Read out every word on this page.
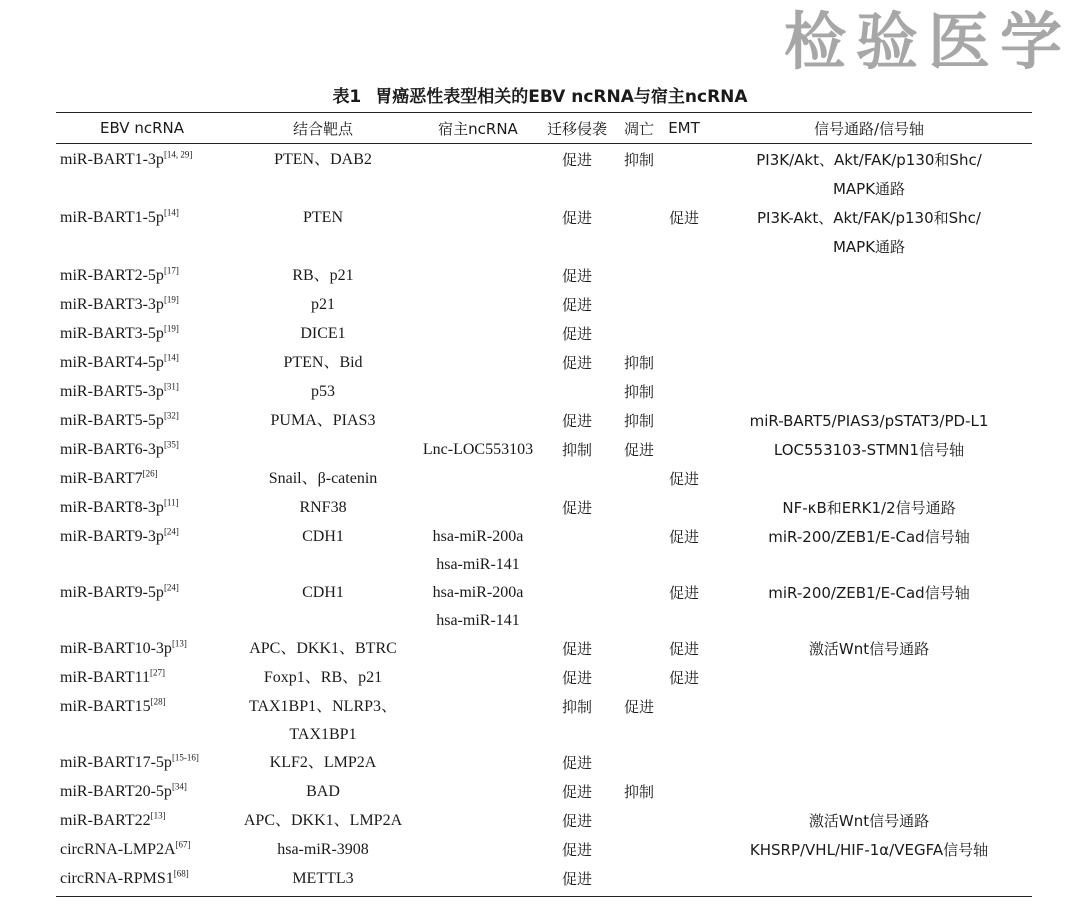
检验医学
表1 胃癌恶性表型相关的EBV ncRNA与宿主ncRNA
EBV ncRNA	结合靶点	宿主ncRNA	迁移侵袭	凋亡	EMT	信号通路/信号轴
miR-BART1-3p[14, 29]	PTEN、DAB2		促进	抑制		PI3K/Akt、Akt/FAK/p130和Shc/
MAPK通路
miR-BART1-5p[14]	PTEN		促进		促进	PI3K-Akt、Akt/FAK/p130和Shc/
MAPK通路
miR-BART2-5p[17]	RB、p21		促进			
miR-BART3-3p[19]	p21		促进			
miR-BART3-5p[19]	DICE1		促进			
miR-BART4-5p[14]	PTEN、Bid		促进	抑制		
miR-BART5-3p[31]	p53			抑制		
miR-BART5-5p[32]	PUMA、PIAS3		促进	抑制		miR-BART5/PIAS3/pSTAT3/PD-L1
miR-BART6-3p[35]		Lnc-LOC553103	抑制	促进		LOC553103-STMN1信号轴
miR-BART7[26]	Snail、β-catenin				促进	
miR-BART8-3p[11]	RNF38		促进			NF-κB和ERK1/2信号通路
miR-BART9-3p[24]	CDH1	hsa-miR-200a
hsa-miR-141			促进	miR-200/ZEB1/E-Cad信号轴
miR-BART9-5p[24]	CDH1	hsa-miR-200a
hsa-miR-141			促进	miR-200/ZEB1/E-Cad信号轴
miR-BART10-3p[13]	APC、DKK1、BTRC		促进		促进	激活Wnt信号通路
miR-BART11[27]	Foxp1、RB、p21		促进		促进	
miR-BART15[28]	TAX1BP1、NLRP3、
TAX1BP1		抑制	促进		
miR-BART17-5p[15-16]	KLF2、LMP2A		促进			
miR-BART20-5p[34]	BAD		促进	抑制		
miR-BART22[13]	APC、DKK1、LMP2A		促进			激活Wnt信号通路
circRNA-LMP2A[67]	hsa-miR-3908		促进			KHSRP/VHL/HIF-1α/VEGFA信号轴
circRNA-RPMS1[68]	METTL3		促进			
